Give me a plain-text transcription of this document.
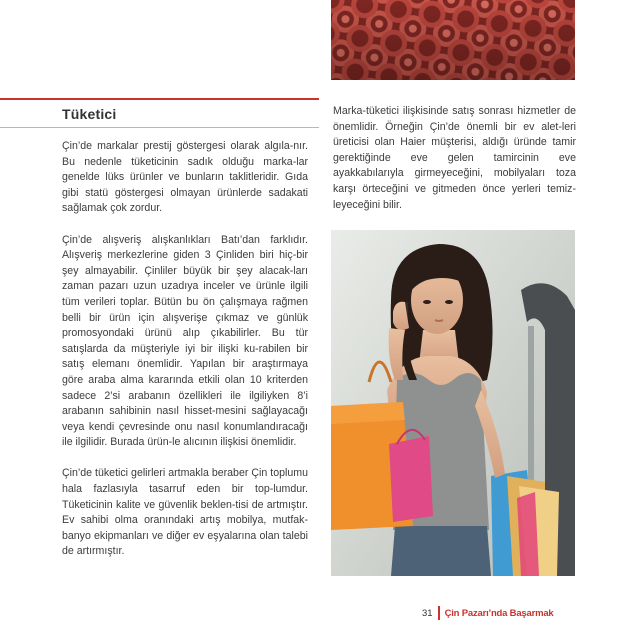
Tüketici

Çin’de markalar prestij göstergesi olarak algıla-nır. Bu nedenle tüketicinin sadık olduğu marka-lar genelde lüks ürünler ve bunların taklitleridir. Gıda gibi statü göstergesi olmayan ürünlerde sadakati sağlamak çok zordur.

Çin’de alışveriş alışkanlıkları Batı’dan farklıdır. Alışveriş merkezlerine giden 3 Çinliden biri hiç-bir şey almayabilir. Çinliler büyük bir şey alacak-ları zaman pazarı uzun uzadıya inceler ve ürünle ilgili tüm verileri toplar. Bütün bu ön çalışmaya rağmen belli bir ürün için alışverişe çıkmaz ve günlük promosyondaki ürünü alıp çıkabilirler. Bu tür satışlarda da müşteriyle iyi bir ilişki ku-rabilen bir satış elemanı önemlidir. Yapılan bir araştırmaya göre araba alma kararında etkili olan 10 kriterden sadece 2’si arabanın özellikleri ile ilgiliyken 8’i arabanın sahibinin nasıl hisset-mesini sağlayacağı veya kendi çevresinde onu nasıl konumlandıracağı ile ilgilidir. Burada ürün-le alıcının ilişkisi önemlidir.

Çin’de tüketici gelirleri artmakla beraber Çin toplumu hala fazlasıyla tasarruf eden bir top-lumdur. Tüketicinin kalite ve güvenlik beklen-tisi de artmıştır. Ev sahibi olma oranındaki artış mobilya, mutfak-banyo ekipmanları ve diğer ev eşyalarına olan talebi de artırmıştır.

Marka-tüketici ilişkisinde satış sonrası hizmetler de önemlidir. Örneğin Çin’de önemli bir ev alet-leri üreticisi olan Haier müşterisi, aldığı üründe tamir gerektiğinde eve gelen tamircinin eve ayakkabılarıyla girmeyeceğini, mobilyaları toza karşı örteceğini ve gitmeden önce yerleri temiz-leyeceğini bilir.

31 Çin Pazarı’nda Başarmak
